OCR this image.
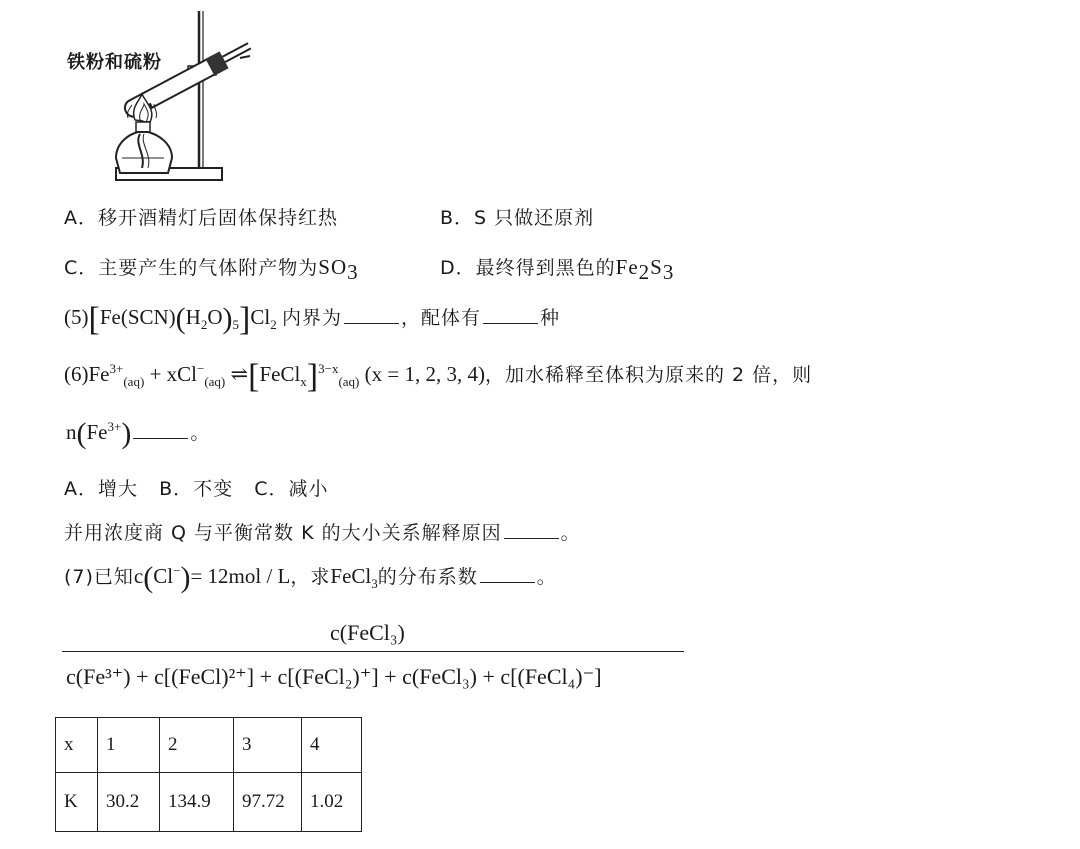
铁粉和硫粉
A．移开酒精灯后固体保持红热	B．S 只做还原剂
C．主要产生的气体附产物为$SO_3$	D．最终得到黑色的$Fe_2S_3$
$(5)[Fe(SCN)(H_2O)_5]Cl_2$ 内界为	，配体有	种
$(6)Fe^{3+}_{(aq)} + xCl^-_{(aq)}$ ⇌[FeCl$_x$]$^{3-x}_{(aq)}$ (x = 1, 2, 3, 4)，加水稀释至体积为原来的 2 倍，则
$n(Fe^{3+})$	。
A．增大   B．不变   C．减小
并用浓度商 Q 与平衡常数 K 的大小关系解释原因	。
(7)已知c(Cl−)= 12mol / L，求FeCl$_3$的分布系数	。
c(FeCl₃)
c(Fe³⁺) + c[(FeCl)²⁺] + c[(FeCl₂)⁺] + c(FeCl₃) + c[(FeCl₄)⁻]
x	1	2	3	4
K	30.2	134.9	97.72	1.02
